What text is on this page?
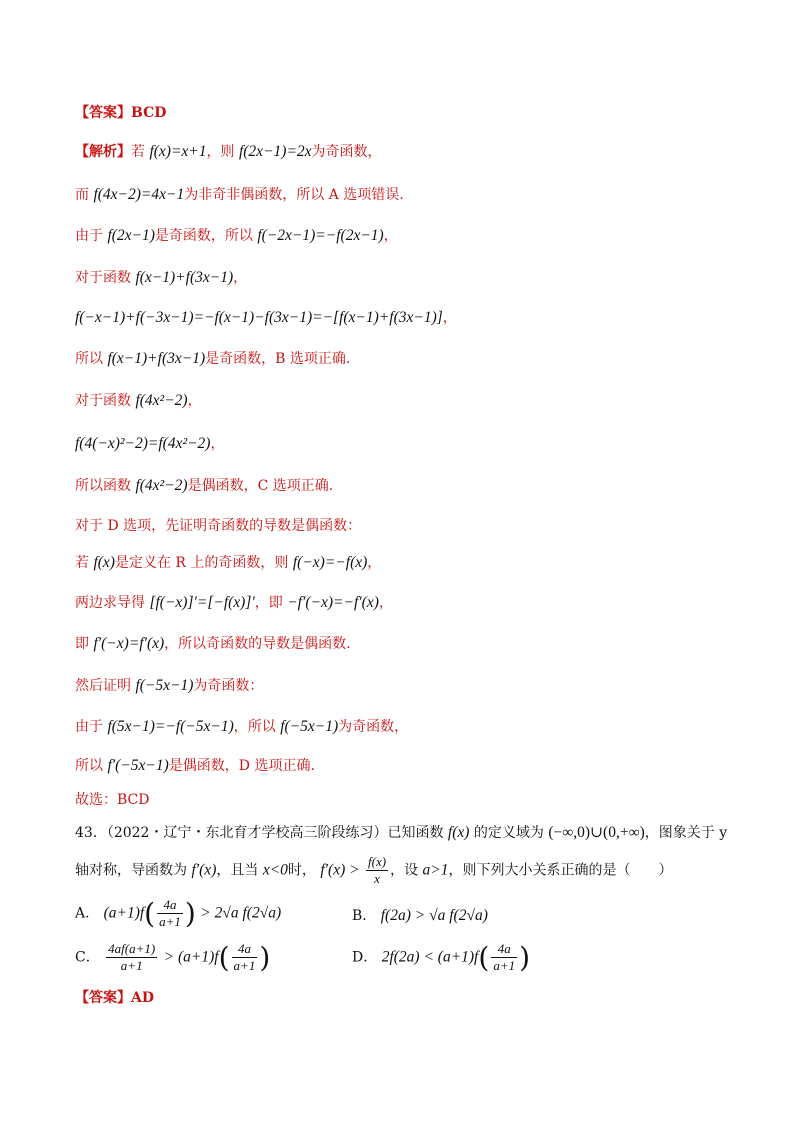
【答案】BCD
【解析】若 f(x)=x+1，则 f(2x−1)=2x为奇函数，
而 f(4x−2)=4x−1为非奇非偶函数，所以 A 选项错误.
由于 f(2x−1)是奇函数，所以 f(−2x−1)=−f(2x−1)，
对于函数 f(x−1)+f(3x−1)，
f(−x−1)+f(−3x−1)=−f(x−1)−f(3x−1)=−[f(x−1)+f(3x−1)]，
所以 f(x−1)+f(3x−1)是奇函数，B 选项正确.
对于函数 f(4x²−2)，
f(4(−x)²−2)=f(4x²−2)，
所以函数 f(4x²−2)是偶函数，C 选项正确.
对于 D 选项，先证明奇函数的导数是偶函数：
若 f(x)是定义在 R 上的奇函数，则 f(−x)=−f(x)，
两边求导得 [f(−x)]′=[−f(x)]′，即 −f′(−x)=−f′(x)，
即 f′(−x)=f′(x)，所以奇函数的导数是偶函数.
然后证明 f(−5x−1)为奇函数：
由于 f(5x−1)=−f(−5x−1)，所以 f(−5x−1)为奇函数，
所以 f′(−5x−1)是偶函数，D 选项正确.
故选：BCD
43．（2022・辽宁・东北育才学校高三阶段练习）已知函数 f(x) 的定义域为 (−∞,0)∪(0,+∞)，图象关于 y
轴对称，导函数为 f′(x)，且当 x<0时， $f'(x) > \frac{f(x)}{x}$ ，设 a>1，则下列大小关系正确的是（　　）
A． $(a+1)f( \frac{4a}{a+1}$ ) > 2√a f(2√a)	B． f(2a) > √a f(2√a)
C． $\frac{4af(a+1)}{a+1} > (a+1)f( \frac{4a}{a+1}$ )	D． $2f(2a) < (a+1)f( \frac{4a}{a+1}$ )
【答案】AD
